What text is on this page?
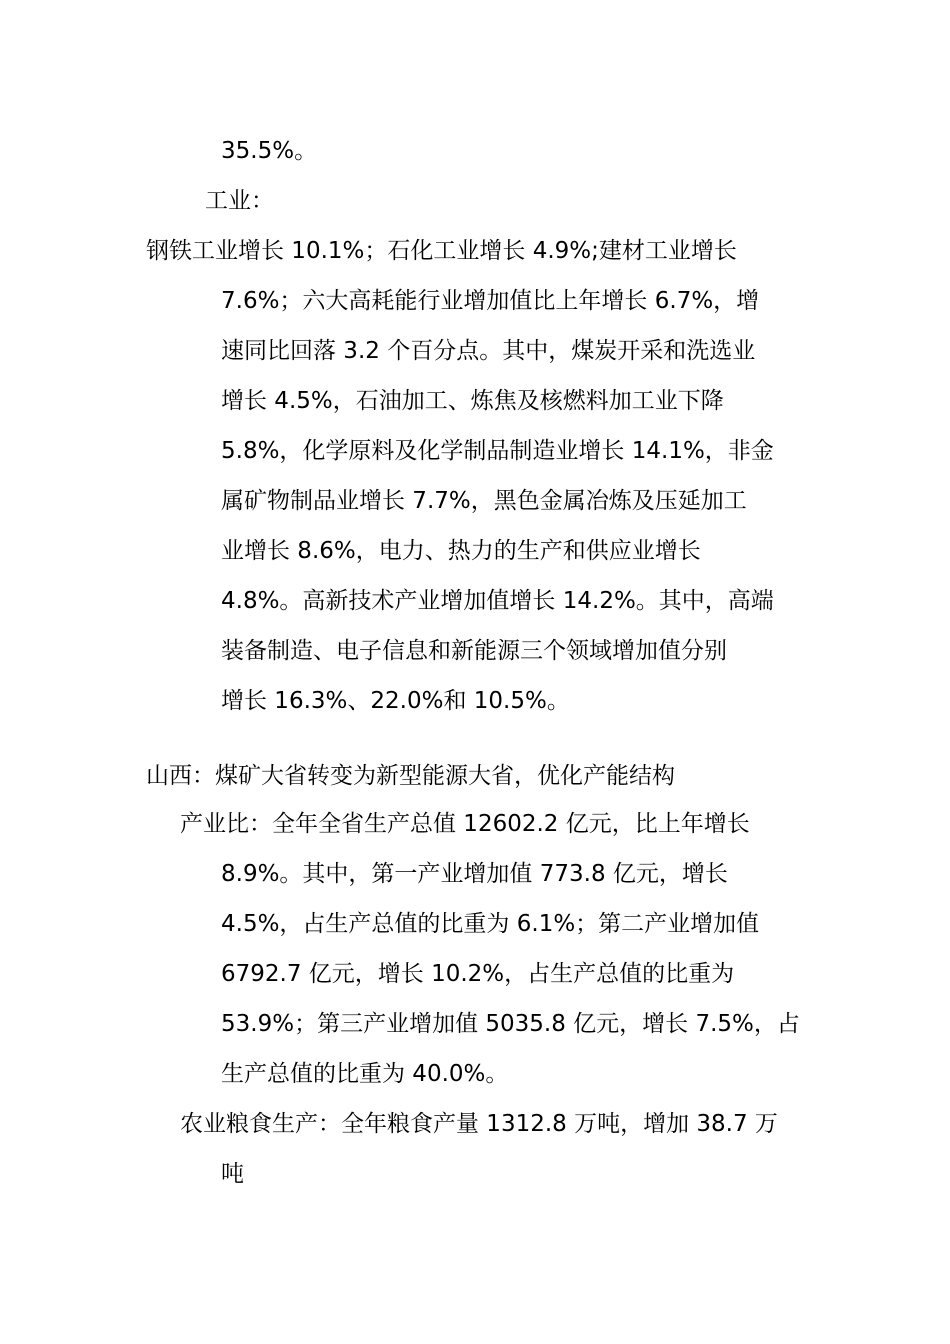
35.5%。

工业：

钢铁工业增长 10.1%；石化工业增长 4.9%;建材工业增长

7.6%；六大高耗能行业增加值比上年增长 6.7%，增

速同比回落 3.2 个百分点。其中，煤炭开采和洗选业

增长 4.5%，石油加工、炼焦及核燃料加工业下降

5.8%，化学原料及化学制品制造业增长 14.1%，非金

属矿物制品业增长 7.7%，黑色金属冶炼及压延加工

业增长 8.6%，电力、热力的生产和供应业增长

4.8%。高新技术产业增加值增长 14.2%。其中，高端

装备制造、电子信息和新能源三个领域增加值分别

增长 16.3%、22.0%和 10.5%。

山西：煤矿大省转变为新型能源大省，优化产能结构

产业比：全年全省生产总值 12602.2 亿元，比上年增长

8.9%。其中，第一产业增加值 773.8 亿元，增长

4.5%，占生产总值的比重为 6.1%；第二产业增加值

6792.7 亿元，增长 10.2%，占生产总值的比重为

53.9%；第三产业增加值 5035.8 亿元，增长 7.5%，占

生产总值的比重为 40.0%。

农业粮食生产：全年粮食产量 1312.8 万吨，增加 38.7 万

吨
